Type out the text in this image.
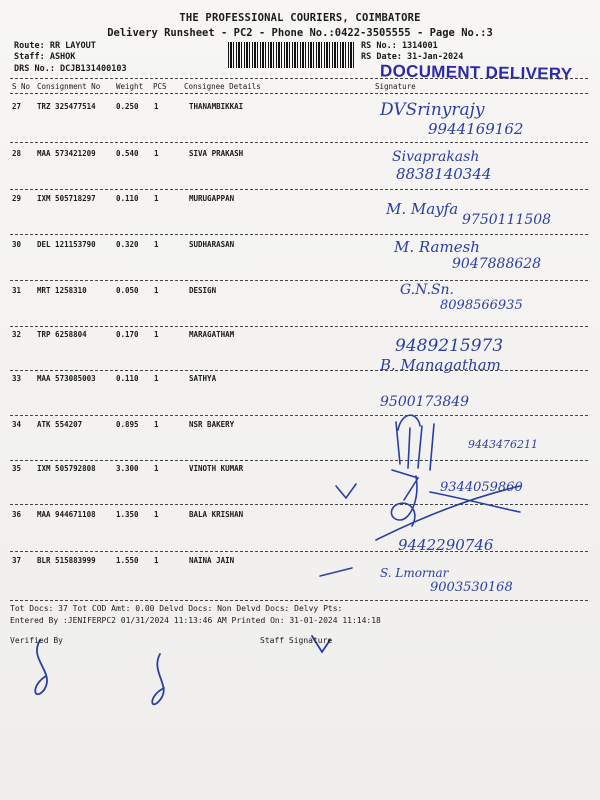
THE PROFESSIONAL COURIERS, COIMBATORE
Delivery Runsheet - PC2 - Phone No.:0422-3505555 - Page No.:3
Route: RR LAYOUT
Staff: ASHOK
DRS No.: DCJB131400103
RS No.: 1314001
RS Date: 31-Jan-2024
DOCUMENT DELIVERY
S No Consignment No Weight PCS Consignee Details	Signature
27 TRZ 325477514	0.250 1	THANAMBIKKAI	DVSrinyrajy
9944169162
28 MAA 573421209	0.540 1	SIVA PRAKASH	Sivaprakash
8838140344
29 IXM 505718297	0.110 1	MURUGAPPAN
M. Mayfa
9750111508
30 DEL 121153790	0.320 1	SUDHARASAN	M. Ramesh
9047888628
31 MRT 1258310	0.050 1	DESIGN	G.N.Sn.
8098566935
32 TRP 6258804	0.170 1	MARAGATHAM
9489215973
B. Managatham
33 MAA 573085003	0.110 1	SATHYA
9500173849
34 ATK 554207	0.895 1	NSR BAKERY
9443476211
35 IXM 505792808	3.300 1	VINOTH KUMAR
9344059860
36 MAA 944671108	1.350 1	BALA KRISHAN
9442290746
37 BLR 515883999	1.550 1	NAINA JAIN
S. Lmornar
9003530168
Tot Docs: 37 Tot COD Amt: 0.00 Delvd Docs: Non Delvd Docs: Delvy Pts:
Entered By :JENIFERPC2 01/31/2024 11:13:46 AM Printed On: 31-01-2024 11:14:18
Verified By	Staff Signature
